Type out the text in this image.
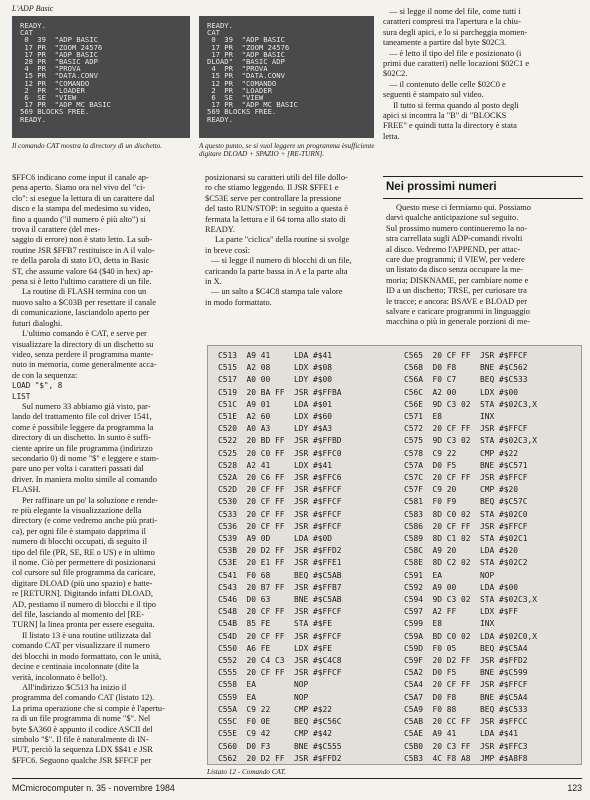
L'ADP Basic
READY.
CAT
0  39  "ADP BASIC
17 PR  "ZOOM 24576
17 PR  "ADP BASIC
28 PR  "BASIC ADP
4  PR  "PROVA
15 PR  "DATA.CONV
12 PR  "COMANDO
2  PR  "LOADER
6  SE  "VIEW
17 PR  "ADP MC BASIC
569 BLOCKS FREE.
READY.
Il comando CAT mostra la directory di un dischetto.
READY.
CAT
0  39  "ADP BASIC
17 PR  "ZOOM 24576
17 PR  "ADP BASIC
DLOAD"  "BASIC ADP
4  PR  "PROVA
15 PR  "DATA.CONV
12 PR  "COMANDO
2  PR  "LOADER
6  SE  "VIEW
17 PR  "ADP MC BASIC
569 BLOCKS FREE.
READY.
A questo punto, se si vuol leggere un programma èsufficiente digitare DLOAD + SPAZIO + [RE-TURN].
— si legge il nome del file, come tutti i
caratteri compresi tra l'apertura e la chiu-
sura degli apici, e lo si parcheggia momen-
taneamente a partire dal byte $02C3.
— è letto il tipo del file e posizionato (i
primi due caratteri) nelle locazioni $02C1 e
$02C2.
— il contenuto delle celle $02C0 e
seguenti è stampato sul video.
Il tutto si ferma quando al posto degli
apici si incontra la "B" di "BLOCKS
FREE" e quindi tutta la directory è stata
letta.
Nei prossimi numeri
Questo mese ci fermiamo qui. Possiamo
darvi qualche anticipazione sul seguito.
Sul prossimo numero continueremo la no-
stra carrellata sugli ADP-comandi rivolti
al disco. Vedremo l'APPEND, per attac-
care due programmi; il VIEW, per vedere
un listato da disco senza occupare la me-
moria; DISKNAME, per cambiare nome e
ID a un dischetto; TRSE, per curiosare tra
le tracce; e ancora: BSAVE e BLOAD per
salvare e caricare programmi in linguaggio
macchina o più in generale porzioni di me-
$FFC6 indicano come input il canale ap-
pena aperto. Siamo ora nel vivo del "ci-
clo": si esegue la lettura di un carattere dal
disco e la stampa del medesimo su video,
fino a quando ("il numero è più alto") si
trova il carattere (del mes-
saggio di errore) non è stato letto. La sub-
routine JSR $FFB7 restituisce in A il valo-
re della parola di stato I/O, detta in Basic
ST, che assume valore 64 ($40 in hex) ap-
pena si è letto l'ultimo carattere di un file.
La routine di FLASH termina con un
nuovo salto a $C03B per resettare il canale
di comunicazione, lasciandolo aperto per
futuri dialoghi.
L'ultimo comando è CAT, e serve per
visualizzare la directory di un dischetto su
video, senza perdere il programma mante-
nuto in memoria, come generalmente acca-
de con la sequenza:
LOAD "$", 8
LIST
Sul numero 33 abbiamo già visto, par-
lando del trattamento file col driver 1541,
come è possibile leggere da programma la
directory di un dischetto. In sunto è suffi-
ciente aprire un file programma (indirizzo
secondario 0) di nome "$" e leggere e stam-
pare uno per volta i caratteri passati dal
driver. In maniera molto simile al comando
FLASH.
Per raffinare un po' la soluzione e rende-
re più elegante la visualizzazione della
directory (e come vedremo anche più prati-
ca), per ogni file è stampato dapprima il
numero di blocchi occupati, di seguito il
tipo del file (PR, SE, RE o US) e in ultimo
il nome. Ciò per permettere di posizionarsi
col cursore sul file programma da caricare,
digitare DLOAD (più uno spazio) e batte-
re [RETURN]. Digitando infatti DLOAD,
AD, pestiamo il numero di blocchi e il tipo
del file, lasciando al momento del [RE-
TURN] la linea pronta per essere eseguita.
Il listato 13 è una routine utilizzata dal
comando CAT per visualizzare il numero
dei blocchi in modo formattato, con le unità,
decine e centinaia incolonnate (dite la
verità, incolonnato è bello!).
All'indirizzo $C513 ha inizio il
programma del comando CAT (listato 12).
La prima operazione che si compie è l'apertu-
ra di un file programma di nome "$". Nel
byte $A360 è appunto il codice ASCII del
simbolo "$". Il file è naturalmente di IN-
PUT, perciò la sequenza LDX $$41 e JSR
$FFC6. Seguono qualche JSR $FFCF per
posizionarsi su caratteri utili del file dollo-
ro che stiamo leggendo. Il JSR $FFE1 e
$C53E serve per controllare la pressione
del tasto RUN/STOP: in seguito a questa è
fermata la lettura e il 64 torna allo stato di
READY.
La parte "ciclica" della routine si svolge
in breve così:
— si legge il numero di blocchi di un file,
caricando la parte bassa in A e la parte alta
in X.
— un salto a $C4C8 stampa tale valore
in modo formattato.

C513  A9 41     LDA #$41
C515  A2 08     LDX #$08
C517  A0 00     LDY #$00
C519  20 BA FF  JSR #$FFBA
C51C  A9 01     LDA #$01
C51E  A2 60     LDX #$60
C520  A0 A3     LDY #$A3
C522  20 BD FF  JSR #$FFBD
C525  20 C0 FF  JSR #$FFC0
C528  A2 41     LDX #$41
C52A  20 C6 FF  JSR #$FFC6
C52D  20 CF FF  JSR #$FFCF
C530  20 CF FF  JSR #$FFCF
C533  20 CF FF  JSR #$FFCF
C536  20 CF FF  JSR #$FFCF
C539  A9 0D     LDA #$0D
C53B  20 D2 FF  JSR #$FFD2
C53E  20 E1 FF  JSR #$FFE1
C541  F0 68     BEQ #$C5AB
C543  20 B7 FF  JSR #$FFB7
C546  D0 63     BNE #$C5AB
C548  20 CF FF  JSR #$FFCF
C54B  85 FE     STA #$FE
C54D  20 CF FF  JSR #$FFCF
C550  A6 FE     LDX #$FE
C552  20 C4 C3  JSR #$C4C8
C555  20 CF FF  JSR #$FFCF
C558  EA        NOP
C559  EA        NOP
C55A  C9 22     CMP #$22
C55C  F0 0E     BEQ #$C56C
C55E  C9 42     CMP #$42
C560  D0 F3     BNE #$C555
C562  20 D2 FF  JSR #$FFD2

C565  20 CF FF  JSR #$FFCF
C568  D0 F8     BNE #$C562
C56A  F0 C7     BEQ #$C533
C56C  A2 00     LDX #$00
C56E  9D C3 02  STA #$02C3,X
C571  E8        INX
C572  20 CF FF  JSR #$FFCF
C575  9D C3 02  STA #$02C3,X
C578  C9 22     CMP #$22
C57A  D0 F5     BNE #$C571
C57C  20 CF FF  JSR #$FFCF
C57F  C9 20     CMP #$20
C581  F0 F9     BEQ #$C57C
C583  8D C0 02  STA #$02C0
C586  20 CF FF  JSR #$FFCF
C589  8D C1 02  STA #$02C1
C58C  A9 20     LDA #$20
C58E  8D C2 02  STA #$02C2
C591  EA        NOP
C592  A9 00     LDA #$00
C594  9D C3 02  STA #$02C3,X
C597  A2 FF     LDX #$FF
C599  E8        INX
C59A  BD C0 02  LDA #$02C0,X
C59D  F0 05     BEQ #$C5A4
C59F  20 D2 FF  JSR #$FFD2
C5A2  D0 F5     BNE #$C599
C5A4  20 CF FF  JSR #$FFCF
C5A7  D0 F8     BNE #$C5A4
C5A9  F0 88     BEQ #$C533
C5AB  20 CC FF  JSR #$FFCC
C5AE  A9 41     LDA #$41
C5B0  20 C3 FF  JSR #$FFC3
C5B3  4C F8 A8  JMP #$A8F8

Listato 12 - Comando CAT.
MCmicrocomputer n. 35 - novembre 1984	123
